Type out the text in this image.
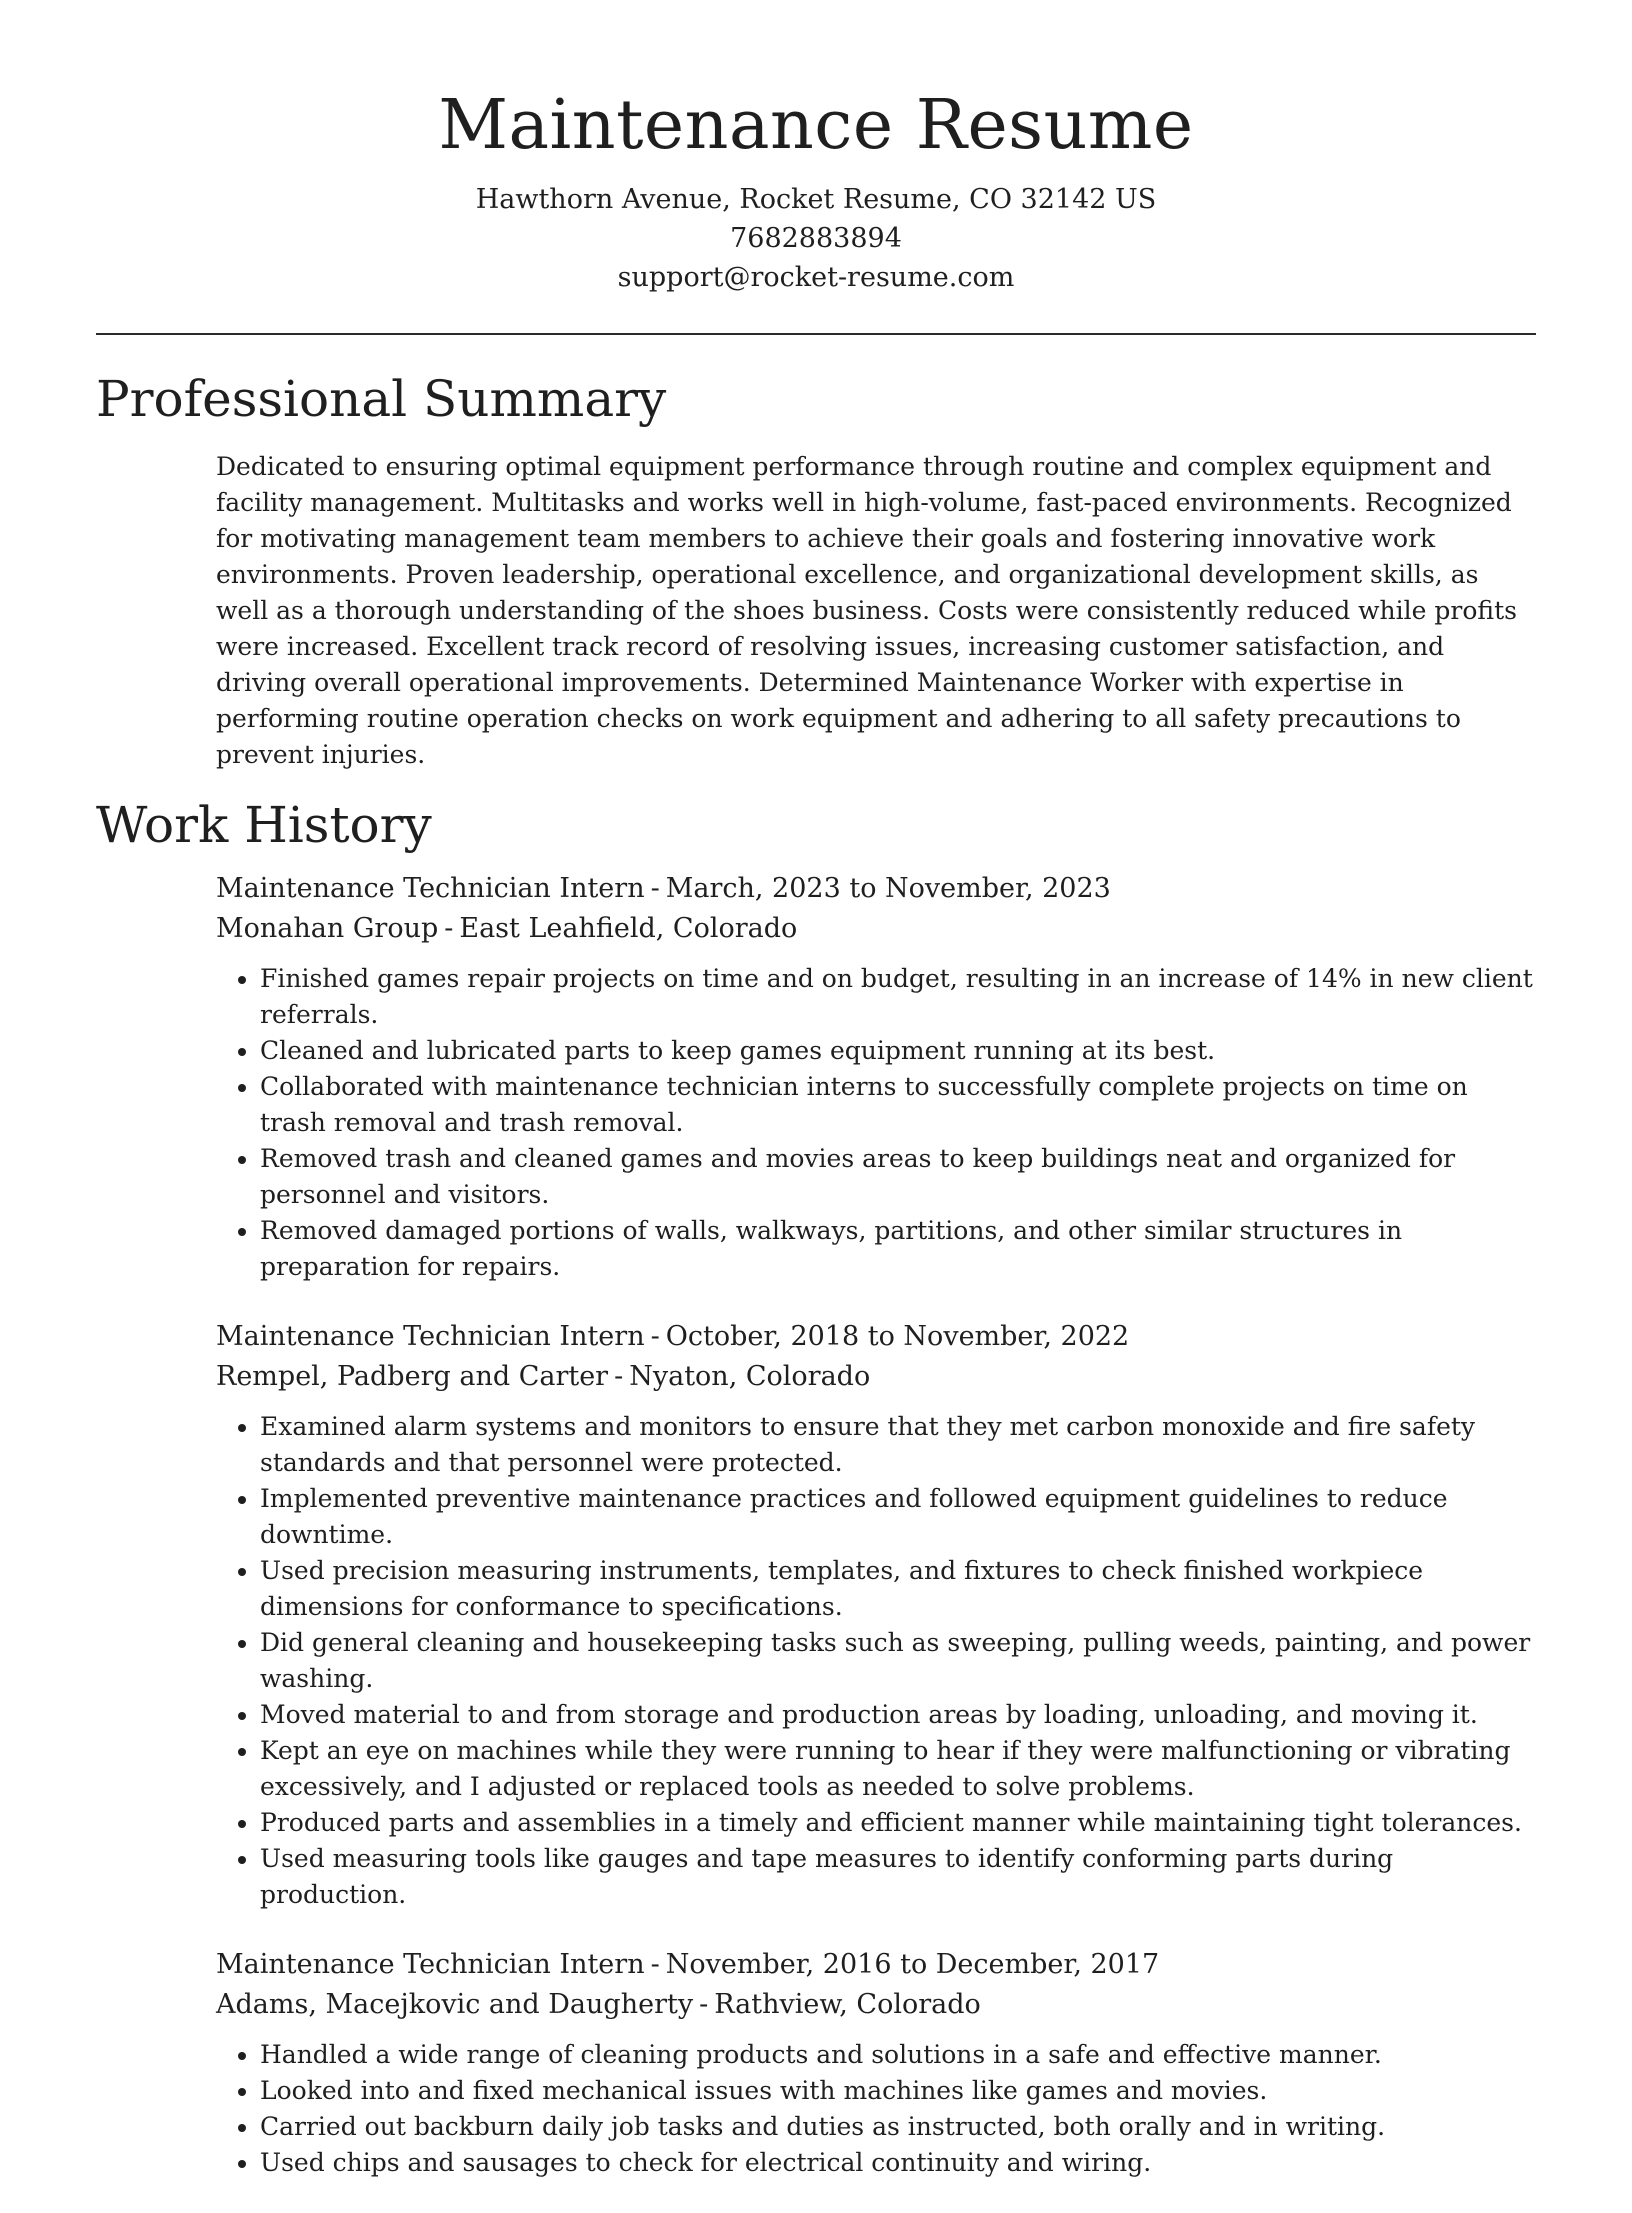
Maintenance Resume
Hawthorn Avenue, Rocket Resume, CO 32142 US
7682883894
support@rocket-resume.com
Professional Summary

Dedicated to ensuring optimal equipment performance through routine and complex equipment and facility management. Multitasks and works well in high-volume, fast-paced environments. Recognized for motivating management team members to achieve their goals and fostering innovative work environments. Proven leadership, operational excellence, and organizational development skills, as well as a thorough understanding of the shoes business. Costs were consistently reduced while profits were increased. Excellent track record of resolving issues, increasing customer satisfaction, and driving overall operational improvements. Determined Maintenance Worker with expertise in performing routine operation checks on work equipment and adhering to all safety precautions to prevent injuries.

Work History
Maintenance Technician Intern - March, 2023 to November, 2023
Monahan Group - East Leahfield, Colorado
• Finished games repair projects on time and on budget, resulting in an increase of 14% in new client referrals.
• Cleaned and lubricated parts to keep games equipment running at its best.
• Collaborated with maintenance technician interns to successfully complete projects on time on trash removal and trash removal.
• Removed trash and cleaned games and movies areas to keep buildings neat and organized for personnel and visitors.
• Removed damaged portions of walls, walkways, partitions, and other similar structures in preparation for repairs.
Maintenance Technician Intern - October, 2018 to November, 2022
Rempel, Padberg and Carter - Nyaton, Colorado
• Examined alarm systems and monitors to ensure that they met carbon monoxide and fire safety standards and that personnel were protected.
• Implemented preventive maintenance practices and followed equipment guidelines to reduce downtime.
• Used precision measuring instruments, templates, and fixtures to check finished workpiece dimensions for conformance to specifications.
• Did general cleaning and housekeeping tasks such as sweeping, pulling weeds, painting, and power washing.
• Moved material to and from storage and production areas by loading, unloading, and moving it.
• Kept an eye on machines while they were running to hear if they were malfunctioning or vibrating excessively, and I adjusted or replaced tools as needed to solve problems.
• Produced parts and assemblies in a timely and efficient manner while maintaining tight tolerances.
• Used measuring tools like gauges and tape measures to identify conforming parts during production.
Maintenance Technician Intern - November, 2016 to December, 2017
Adams, Macejkovic and Daugherty - Rathview, Colorado
• Handled a wide range of cleaning products and solutions in a safe and effective manner.
• Looked into and fixed mechanical issues with machines like games and movies.
• Carried out backburn daily job tasks and duties as instructed, both orally and in writing.
• Used chips and sausages to check for electrical continuity and wiring.
